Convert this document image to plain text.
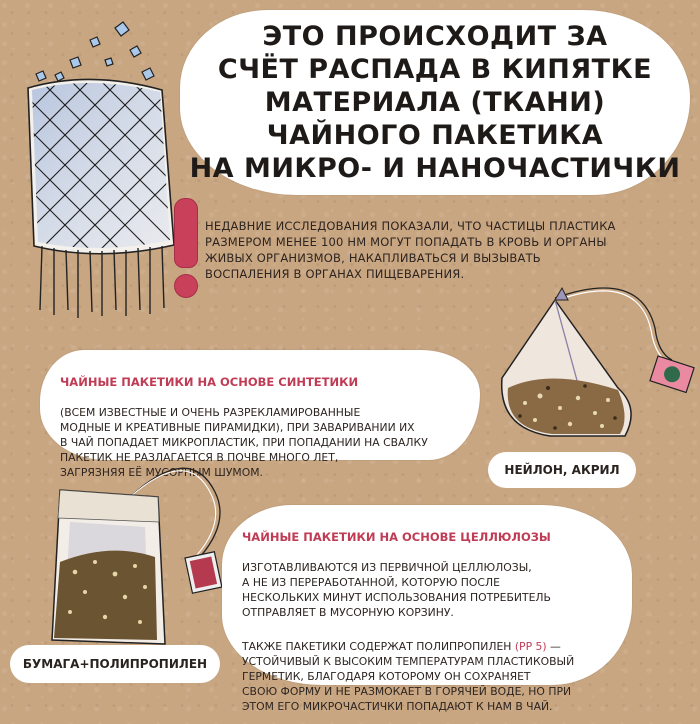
ЭТО ПРОИСХОДИТ ЗА
СЧЁТ РАСПАДА В КИПЯТКЕ
МАТЕРИАЛА (ТКАНИ)
ЧАЙНОГО ПАКЕТИКА
НА МИКРО- И НАНОЧАСТИЧКИ
НЕДАВНИЕ ИССЛЕДОВАНИЯ ПОКАЗАЛИ, ЧТО ЧАСТИЦЫ ПЛАСТИКА
РАЗМЕРОМ МЕНЕЕ 100 НМ МОГУТ ПОПАДАТЬ В КРОВЬ И ОРГАНЫ
ЖИВЫХ ОРГАНИЗМОВ, НАКАПЛИВАТЬСЯ И ВЫЗЫВАТЬ
ВОСПАЛЕНИЯ В ОРГАНАХ ПИЩЕВАРЕНИЯ.

ЧАЙНЫЕ ПАКЕТИКИ НА ОСНОВЕ СИНТЕТИКИ

(ВСЕМ ИЗВЕСТНЫЕ И ОЧЕНЬ РАЗРЕКЛАМИРОВАННЫЕ
МОДНЫЕ И КРЕАТИВНЫЕ ПИРАМИДКИ), ПРИ ЗАВАРИВАНИИ ИХ
В ЧАЙ ПОПАДАЕТ МИКРОПЛАСТИК, ПРИ ПОПАДАНИИ НА СВАЛКУ
ПАКЕТИК НЕ РАЗЛАГАЕТСЯ В ПОЧВЕ МНОГО ЛЕТ,
ЗАГРЯЗНЯЯ ЕЁ МУСОРНЫМ ШУМОМ.	НЕЙЛОН, АКРИЛ

ЧАЙНЫЕ ПАКЕТИКИ НА ОСНОВЕ ЦЕЛЛЮЛОЗЫ

ИЗГОТАВЛИВАЮТСЯ ИЗ ПЕРВИЧНОЙ ЦЕЛЛЮЛОЗЫ,
А НЕ ИЗ ПЕРЕРАБОТАННОЙ, КОТОРУЮ ПОСЛЕ
НЕСКОЛЬКИХ МИНУТ ИСПОЛЬЗОВАНИЯ ПОТРЕБИТЕЛЬ
ОТПРАВЛЯЕТ В МУСОРНУЮ КОРЗИНУ.

ТАКЖЕ ПАКЕТИКИ СОДЕРЖАТ ПОЛИПРОПИЛЕН (PP 5) —
УСТОЙЧИВЫЙ К ВЫСОКИМ ТЕМПЕРАТУРАМ ПЛАСТИКОВЫЙ
ГЕРМЕТИК, БЛАГОДАРЯ КОТОРОМУ ОН СОХРАНЯЕТ
СВОЮ ФОРМУ И НЕ РАЗМОКАЕТ В ГОРЯЧЕЙ ВОДЕ, НО ПРИ
ЭТОМ ЕГО МИКРОЧАСТИЧКИ ПОПАДАЮТ К НАМ В ЧАЙ.

БУМАГА+ПОЛИПРОПИЛЕН
